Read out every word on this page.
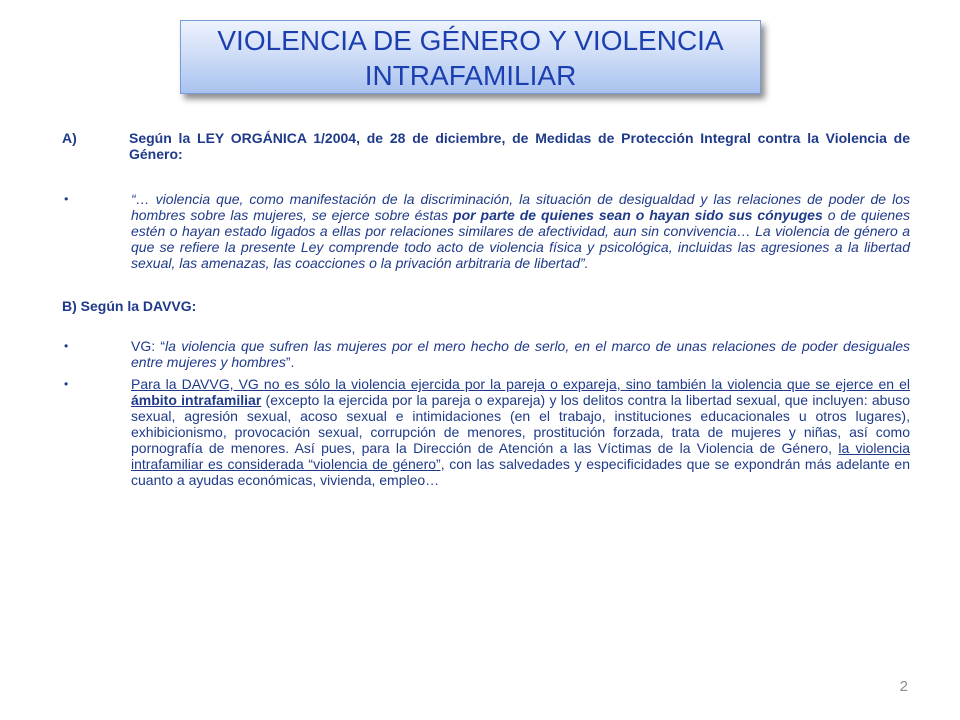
VIOLENCIA DE GÉNERO Y VIOLENCIA
INTRAFAMILIAR
A)	Según la LEY ORGÁNICA 1/2004, de 28 de diciembre, de Medidas de Protección Integral contra la Violencia de Género:
•	“… violencia que, como manifestación de la discriminación, la situación de desigualdad y las relaciones de poder de los hombres sobre las mujeres, se ejerce sobre éstas por parte de quienes sean o hayan sido sus cónyuges o de quienes estén o hayan estado ligados a ellas por relaciones similares de afectividad, aun sin convivencia… La violencia de género a que se refiere la presente Ley comprende todo acto de violencia física y psicológica, incluidas las agresiones a la libertad sexual, las amenazas, las coacciones o la privación arbitraria de libertad”.
B) Según la DAVVG:
•	VG: “la violencia que sufren las mujeres por el mero hecho de serlo, en el marco de unas relaciones de poder desiguales entre mujeres y hombres”.
•	Para la DAVVG, VG no es sólo la violencia ejercida por la pareja o expareja, sino también la violencia que se ejerce en el ámbito intrafamiliar (excepto la ejercida por la pareja o expareja) y los delitos contra la libertad sexual, que incluyen: abuso sexual, agresión sexual, acoso sexual e intimidaciones (en el trabajo, instituciones educacionales u otros lugares), exhibicionismo, provocación sexual, corrupción de menores, prostitución forzada, trata de mujeres y niñas, así como pornografía de menores. Así pues, para la Dirección de Atención a las Víctimas de la Violencia de Género, la violencia intrafamiliar es considerada “violencia de género”, con las salvedades y especificidades que se expondrán más adelante en cuanto a ayudas económicas, vivienda, empleo…
2
